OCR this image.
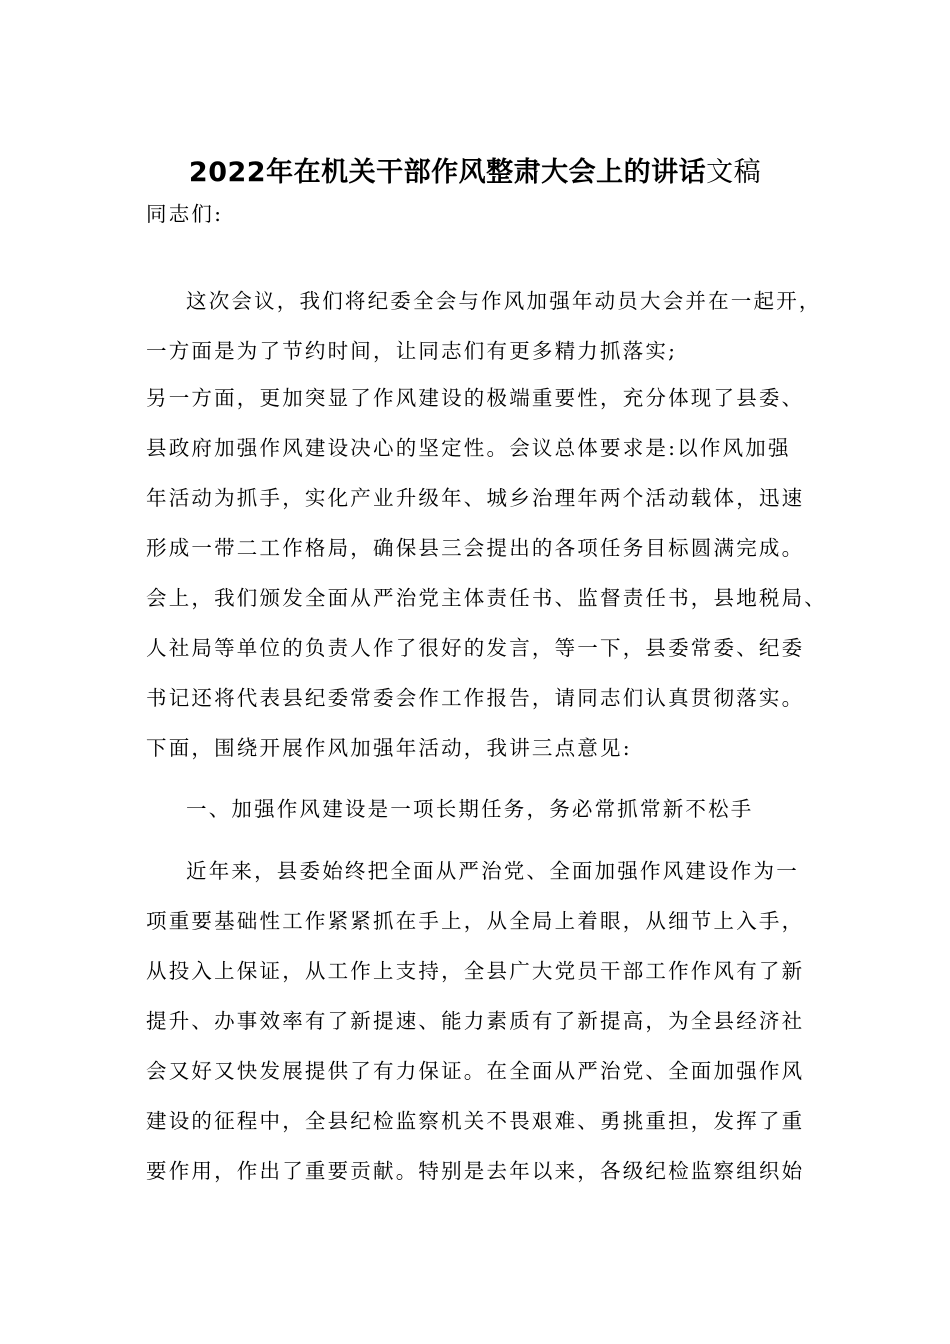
2022年在机关干部作风整肃大会上的讲话文稿
同志们:
这次会议，我们将纪委全会与作风加强年动员大会并在一起开，
一方面是为了节约时间，让同志们有更多精力抓落实;
另一方面，更加突显了作风建设的极端重要性，充分体现了县委、
县政府加强作风建设决心的坚定性。会议总体要求是:以作风加强
年活动为抓手，实化产业升级年、城乡治理年两个活动载体，迅速
形成一带二工作格局，确保县三会提出的各项任务目标圆满完成。
会上，我们颁发全面从严治党主体责任书、监督责任书，县地税局、
人社局等单位的负责人作了很好的发言，等一下，县委常委、纪委
书记还将代表县纪委常委会作工作报告，请同志们认真贯彻落实。
下面，围绕开展作风加强年活动，我讲三点意见:
一、加强作风建设是一项长期任务，务必常抓常新不松手
近年来，县委始终把全面从严治党、全面加强作风建设作为一
项重要基础性工作紧紧抓在手上，从全局上着眼，从细节上入手，
从投入上保证，从工作上支持，全县广大党员干部工作作风有了新
提升、办事效率有了新提速、能力素质有了新提高，为全县经济社
会又好又快发展提供了有力保证。在全面从严治党、全面加强作风
建设的征程中，全县纪检监察机关不畏艰难、勇挑重担，发挥了重
要作用，作出了重要贡献。特别是去年以来，各级纪检监察组织始
